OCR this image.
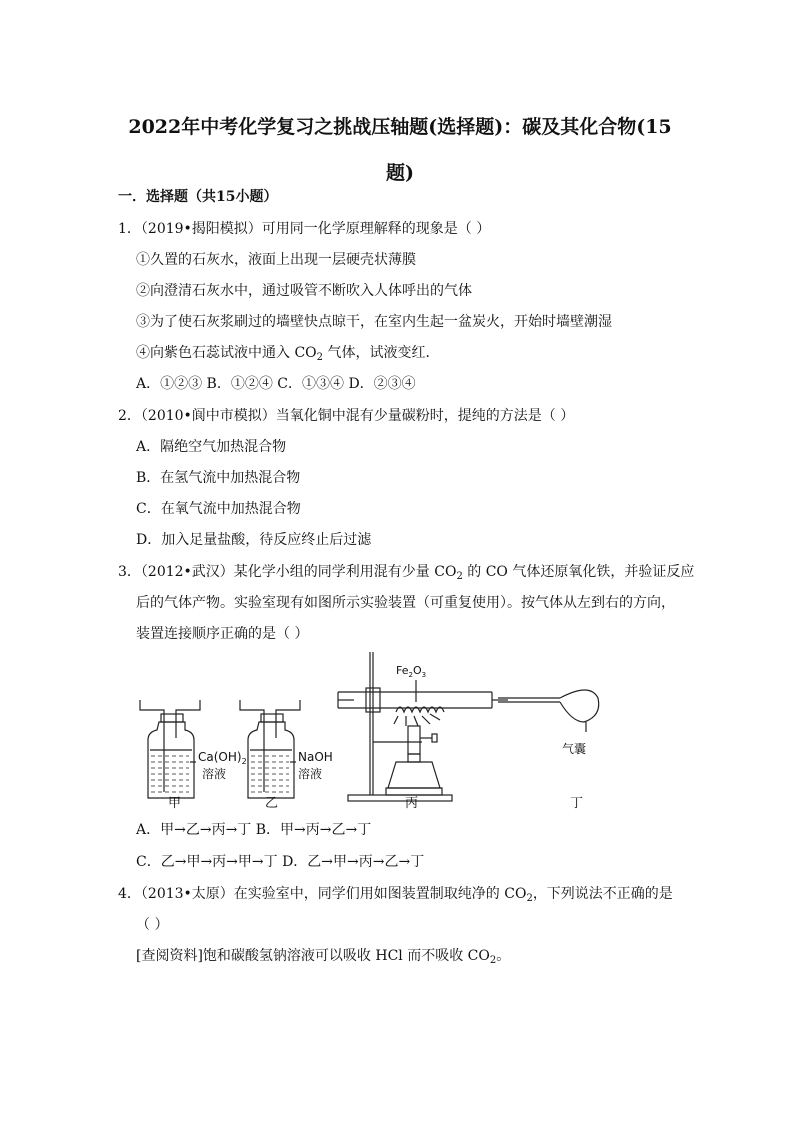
2022年中考化学复习之挑战压轴题(选择题)：碳及其化合物(15
题)
一．选择题（共15小题）
1．（2019•揭阳模拟）可用同一化学原理解释的现象是（ ）
①久置的石灰水，液面上出现一层硬壳状薄膜
②向澄清石灰水中，通过吸管不断吹入人体呼出的气体
③为了使石灰浆刷过的墙壁快点晾干，在室内生起一盆炭火，开始时墙壁潮湿
④向紫色石蕊试液中通入 $CO_2$ 气体，试液变红．
A．①②③ B．①②④ C．①③④ D．②③④
2．（2010•阆中市模拟）当氧化铜中混有少量碳粉时，提纯的方法是（ ）
A．隔绝空气加热混合物
B．在氢气流中加热混合物
C．在氧气流中加热混合物
D．加入足量盐酸，待反应终止后过滤
3．（2012•武汉）某化学小组的同学利用混有少量 $CO_2$ 的 CO 气体还原氧化铁，并验证反应
后的气体产物。实验室现有如图所示实验装置（可重复使用）。按气体从左到右的方向，
装置连接顺序正确的是（ ）
$Ca(OH)_2$
溶液
NaOH
溶液
$Fe_2O_3$
气囊
甲	乙	丙	丁
A．甲→乙→丙→丁 B．甲→丙→乙→丁
C．乙→甲→丙→甲→丁 D．乙→甲→丙→乙→丁
4．（2013•太原）在实验室中，同学们用如图装置制取纯净的 $CO_2$，下列说法不正确的是
（ ）
[查阅资料]饱和碳酸氢钠溶液可以吸收 HCl 而不吸收 $CO_2$。
